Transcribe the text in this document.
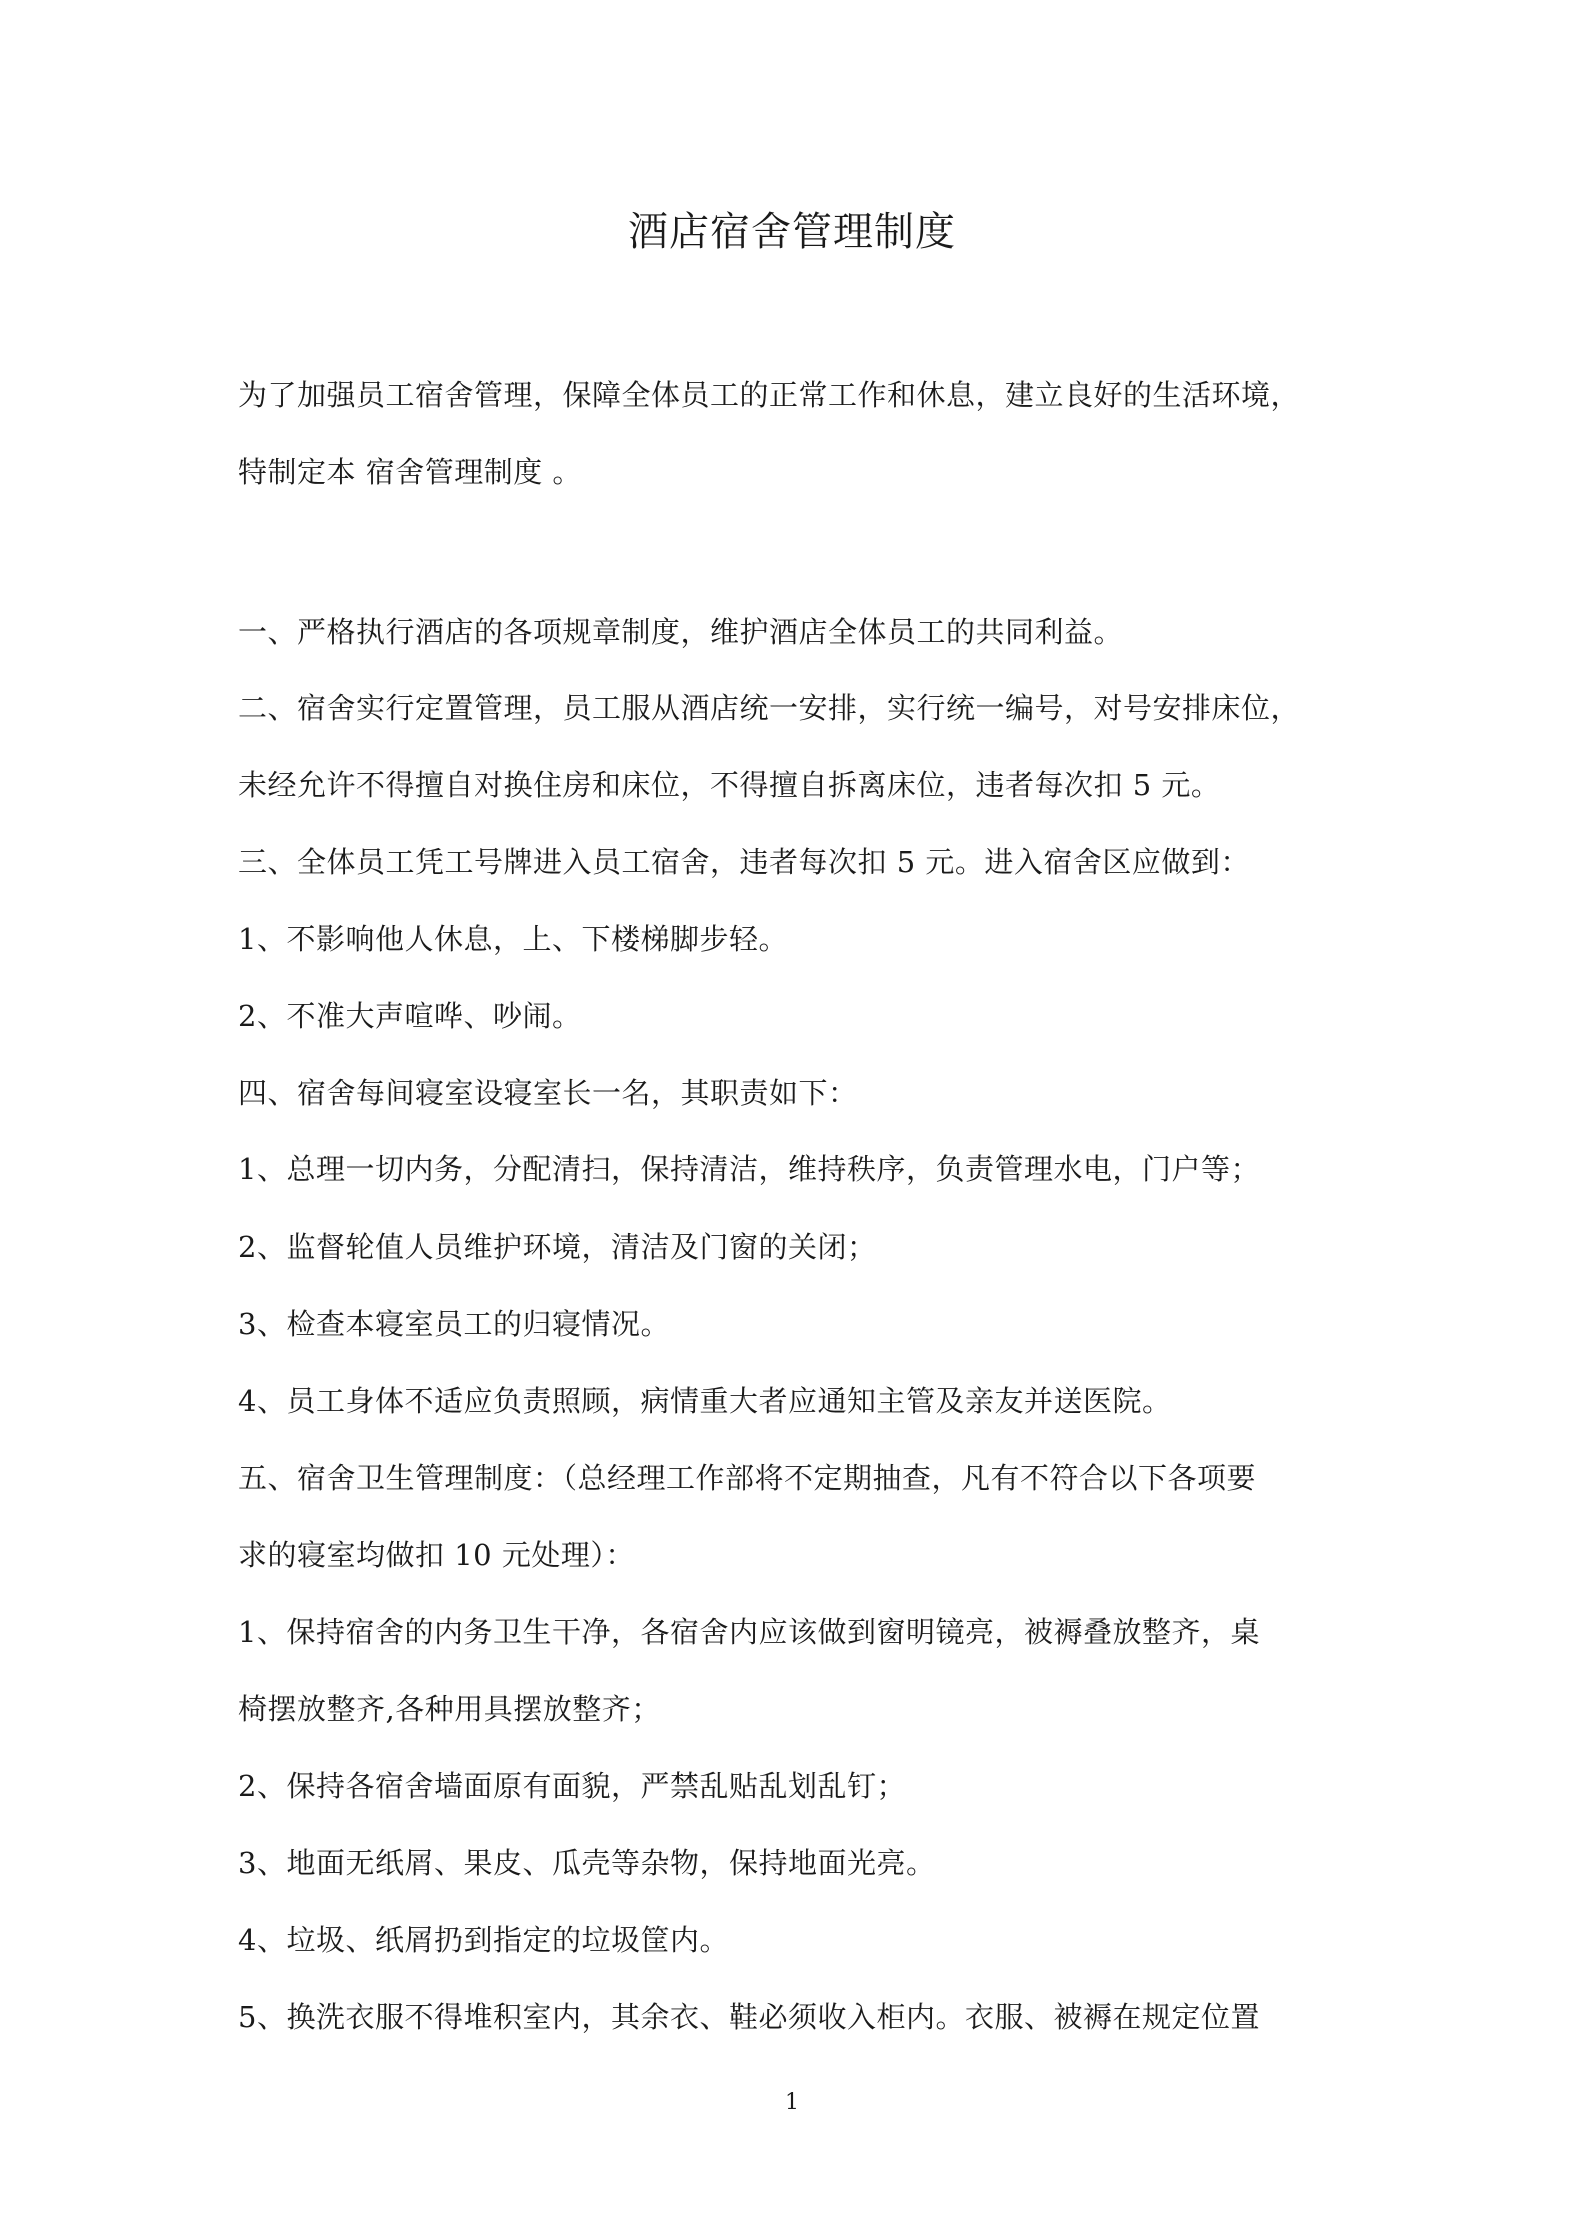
酒店宿舍管理制度
为了加强员工宿舍管理，保障全体员工的正常工作和休息，建立良好的生活环境，
特制定本 宿舍管理制度 。
一、严格执行酒店的各项规章制度，维护酒店全体员工的共同利益。
二、宿舍实行定置管理，员工服从酒店统一安排，实行统一编号，对号安排床位，
未经允许不得擅自对换住房和床位，不得擅自拆离床位，违者每次扣 5 元。
三、全体员工凭工号牌进入员工宿舍，违者每次扣 5 元。进入宿舍区应做到：
1、不影响他人休息，上、下楼梯脚步轻。
2、不准大声喧哗、吵闹。
四、宿舍每间寝室设寝室长一名，其职责如下：
1、总理一切内务，分配清扫，保持清洁，维持秩序，负责管理水电，门户等；
2、监督轮值人员维护环境，清洁及门窗的关闭；
3、检查本寝室员工的归寝情况。
4、员工身体不适应负责照顾，病情重大者应通知主管及亲友并送医院。
五、宿舍卫生管理制度：（总经理工作部将不定期抽查，凡有不符合以下各项要
求的寝室均做扣 10 元处理）：
1、保持宿舍的内务卫生干净，各宿舍内应该做到窗明镜亮，被褥叠放整齐，桌
椅摆放整齐,各种用具摆放整齐；
2、保持各宿舍墙面原有面貌，严禁乱贴乱划乱钉；
3、地面无纸屑、果皮、瓜壳等杂物，保持地面光亮。
4、垃圾、纸屑扔到指定的垃圾筐内。
5、换洗衣服不得堆积室内，其余衣、鞋必须收入柜内。衣服、被褥在规定位置
1
